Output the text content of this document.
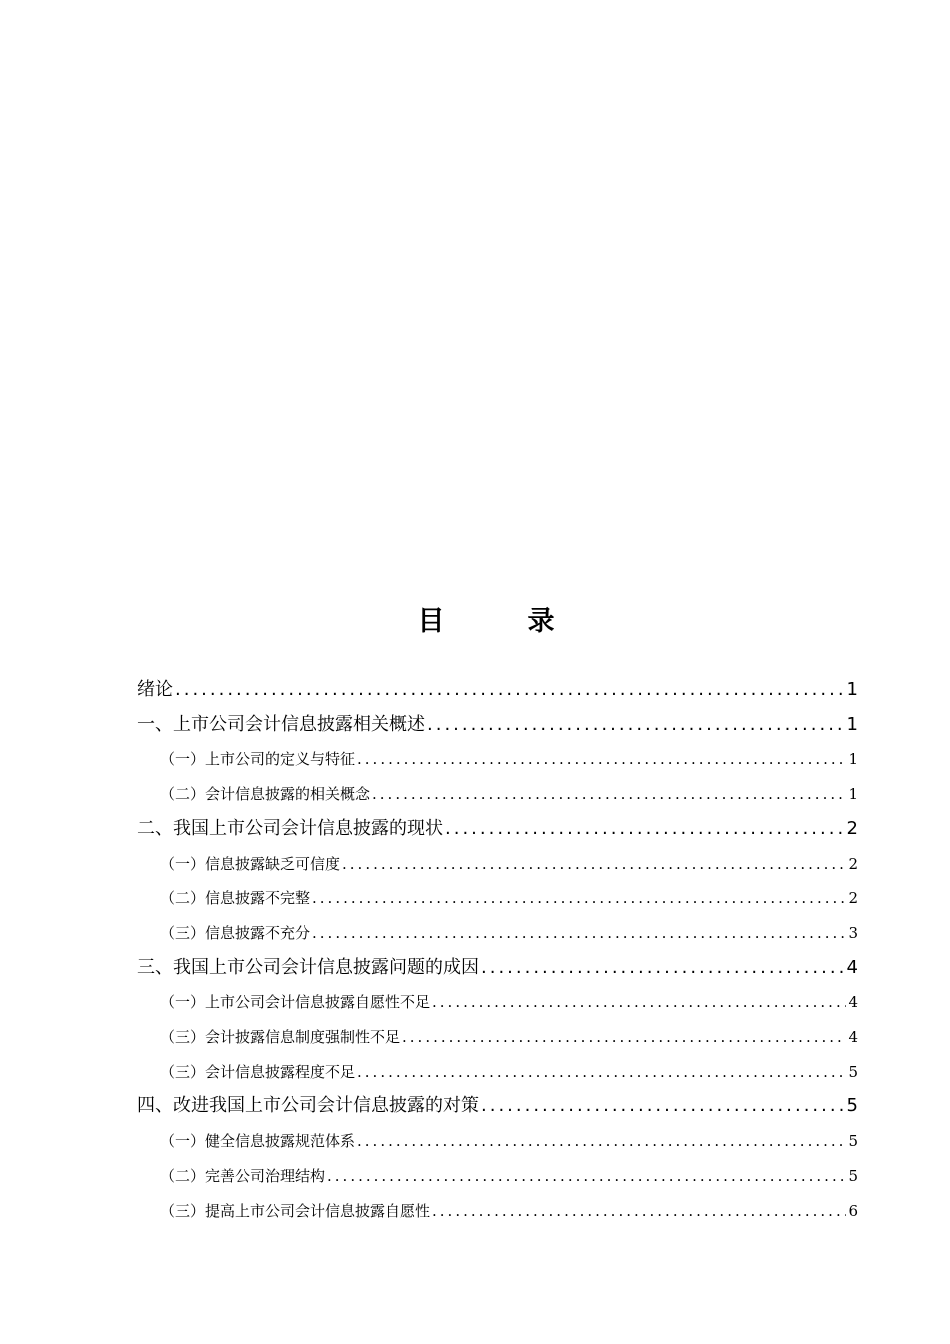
目　录
绪论 .....	1
一、上市公司会计信息披露相关概述 .....	1
（一）上市公司的定义与特征 .....	1
（二）会计信息披露的相关概念 .....	1
二、我国上市公司会计信息披露的现状 .....	2
（一）信息披露缺乏可信度 .....	2
（二）信息披露不完整 .....	2
（三）信息披露不充分 .....	3
三、我国上市公司会计信息披露问题的成因 .....	4
（一）上市公司会计信息披露自愿性不足 .....	4
（三）会计披露信息制度强制性不足 .....	4
（三）会计信息披露程度不足 .....	5
四、改进我国上市公司会计信息披露的对策 .....	5
（一）健全信息披露规范体系 .....	5
（二）完善公司治理结构 .....	5
（三）提高上市公司会计信息披露自愿性 .....	6
